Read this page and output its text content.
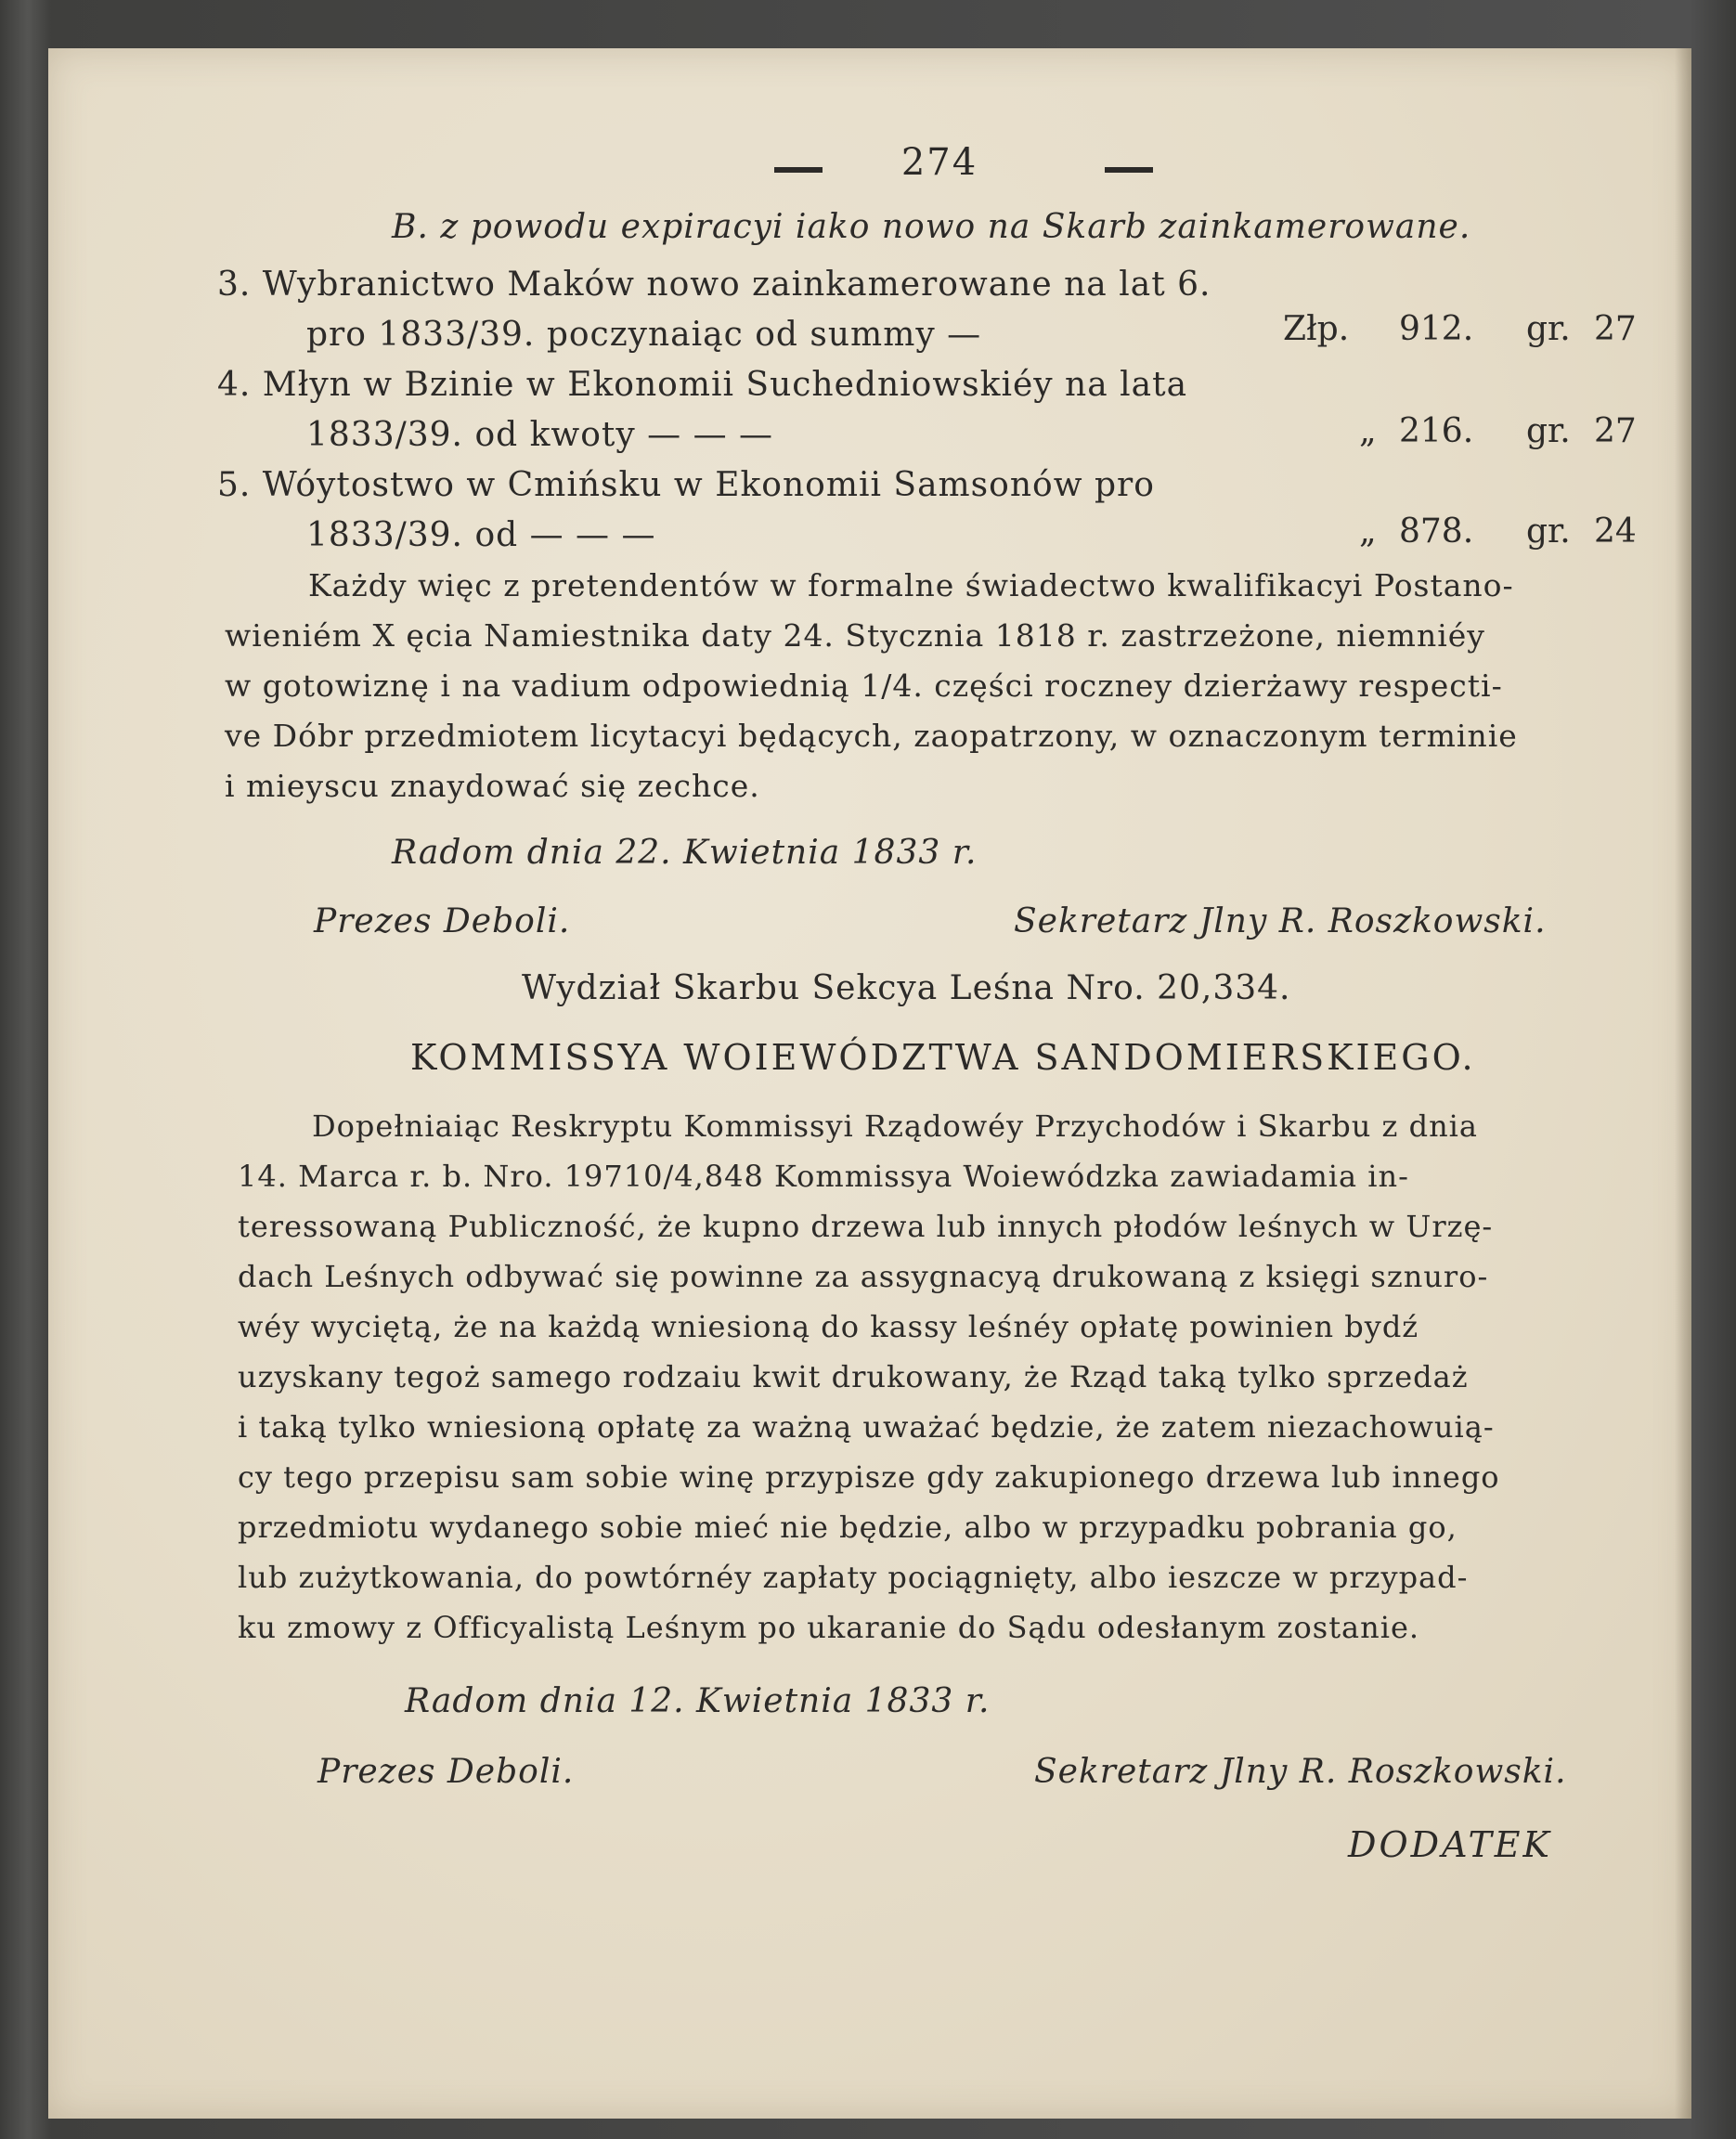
274
B. z powodu expiracyi iako nowo na Skarb zainkamerowane.
3. Wybranictwo Maków nowo zainkamerowane na lat 6.
pro 1833/39. poczynaiąc od summy —	Złp. 912. gr. 27
4. Młyn w Bzinie w Ekonomii Suchedniowskiéy na lata
1833/39. od kwoty — — —	„ 216. gr. 27
5. Wóytostwo w Cmińsku w Ekonomii Samsonów pro
1833/39. od — — —	„ 878. gr. 24
Każdy więc z pretendentów w formalne świadectwo kwalifikacyi Postano-
wieniém X ęcia Namiestnika daty 24. Stycznia 1818 r. zastrzeżone, niemniéy
w gotowiznę i na vadium odpowiednią 1/4. części roczney dzierżawy respecti-
ve Dóbr przedmiotem licytacyi będących, zaopatrzony, w oznaczonym terminie
i mieyscu znaydować się zechce.
Radom dnia 22. Kwietnia 1833 r.
Prezes Deboli.	Sekretarz Jlny R. Roszkowski.
Wydział Skarbu Sekcya Leśna Nro. 20,334.
KOMMISSYA WOIEWÓDZTWA SANDOMIERSKIEGO.
Dopełniaiąc Reskryptu Kommissyi Rządowéy Przychodów i Skarbu z dnia
14. Marca r. b. Nro. 19710/4,848 Kommissya Woiewódzka zawiadamia in-
teressowaną Publiczność, że kupno drzewa lub innych płodów leśnych w Urzę-
dach Leśnych odbywać się powinne za assygnacyą drukowaną z księgi sznuro-
wéy wyciętą, że na każdą wniesioną do kassy leśnéy opłatę powinien bydź
uzyskany tegoż samego rodzaiu kwit drukowany, że Rząd taką tylko sprzedaż
i taką tylko wniesioną opłatę za ważną uważać będzie, że zatem niezachowuią-
cy tego przepisu sam sobie winę przypisze gdy zakupionego drzewa lub innego
przedmiotu wydanego sobie mieć nie będzie, albo w przypadku pobrania go,
lub zużytkowania, do powtórnéy zapłaty pociągnięty, albo ieszcze w przypad-
ku zmowy z Officyalistą Leśnym po ukaranie do Sądu odesłanym zostanie.
Radom dnia 12. Kwietnia 1833 r.
Prezes Deboli.	Sekretarz Jlny R. Roszkowski.
DODATEK
